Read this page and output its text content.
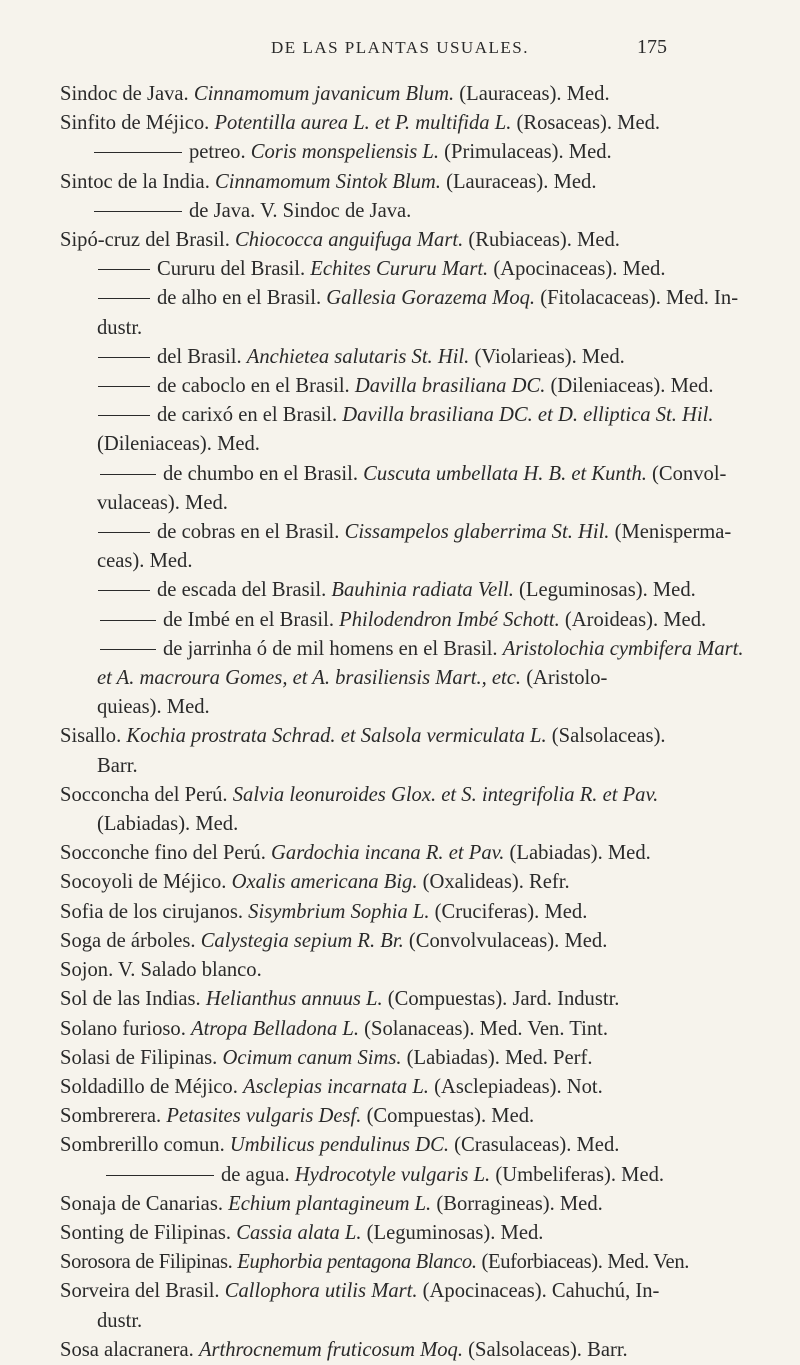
DE LAS PLANTAS USUALES.	175
Sindoc de Java. Cinnamomum javanicum Blum. (Lauraceas). Med.
Sinfito de Méjico. Potentilla aurea L. et P. multifida L. (Rosaceas). Med.
petreo. Coris monspeliensis L. (Primulaceas). Med.
Sintoc de la India. Cinnamomum Sintok Blum. (Lauraceas). Med.
de Java. V. Sindoc de Java.
Sipó-cruz del Brasil. Chiococca anguifuga Mart. (Rubiaceas). Med.
Cururu del Brasil. Echites Cururu Mart. (Apocinaceas). Med.
de alho en el Brasil. Gallesia Gorazema Moq. (Fitolacaceas). Med. In-
dustr.
del Brasil. Anchietea salutaris St. Hil. (Violarieas). Med.
de caboclo en el Brasil. Davilla brasiliana DC. (Dileniaceas). Med.
de carixó en el Brasil. Davilla brasiliana DC. et D. elliptica St. Hil.
(Dileniaceas). Med.
de chumbo en el Brasil. Cuscuta umbellata H. B. et Kunth. (Convol-
vulaceas). Med.
de cobras en el Brasil. Cissampelos glaberrima St. Hil. (Menisperma-
ceas). Med.
de escada del Brasil. Bauhinia radiata Vell. (Leguminosas). Med.
de Imbé en el Brasil. Philodendron Imbé Schott. (Aroideas). Med.
de jarrinha ó de mil homens en el Brasil. Aristolochia cymbifera Mart.
et A. macroura Gomes, et A. brasiliensis Mart., etc. (Aristolo-
quieas). Med.
Sisallo. Kochia prostrata Schrad. et Salsola vermiculata L. (Salsolaceas).
Barr.
Socconcha del Perú. Salvia leonuroides Glox. et S. integrifolia R. et Pav.
(Labiadas). Med.
Socconche fino del Perú. Gardochia incana R. et Pav. (Labiadas). Med.
Socoyoli de Méjico. Oxalis americana Big. (Oxalideas). Refr.
Sofia de los cirujanos. Sisymbrium Sophia L. (Cruciferas). Med.
Soga de árboles. Calystegia sepium R. Br. (Convolvulaceas). Med.
Sojon. V. Salado blanco.
Sol de las Indias. Helianthus annuus L. (Compuestas). Jard. Industr.
Solano furioso. Atropa Belladona L. (Solanaceas). Med. Ven. Tint.
Solasi de Filipinas. Ocimum canum Sims. (Labiadas). Med. Perf.
Soldadillo de Méjico. Asclepias incarnata L. (Asclepiadeas). Not.
Sombrerera. Petasites vulgaris Desf. (Compuestas). Med.
Sombrerillo comun. Umbilicus pendulinus DC. (Crasulaceas). Med.
de agua. Hydrocotyle vulgaris L. (Umbeliferas). Med.
Sonaja de Canarias. Echium plantagineum L. (Borragineas). Med.
Sonting de Filipinas. Cassia alata L. (Leguminosas). Med.
Sorosora de Filipinas. Euphorbia pentagona Blanco. (Euforbiaceas). Med. Ven.
Sorveira del Brasil. Callophora utilis Mart. (Apocinaceas). Cahuchú, In-
dustr.
Sosa alacranera. Arthrocnemum fruticosum Moq. (Salsolaceas). Barr.
